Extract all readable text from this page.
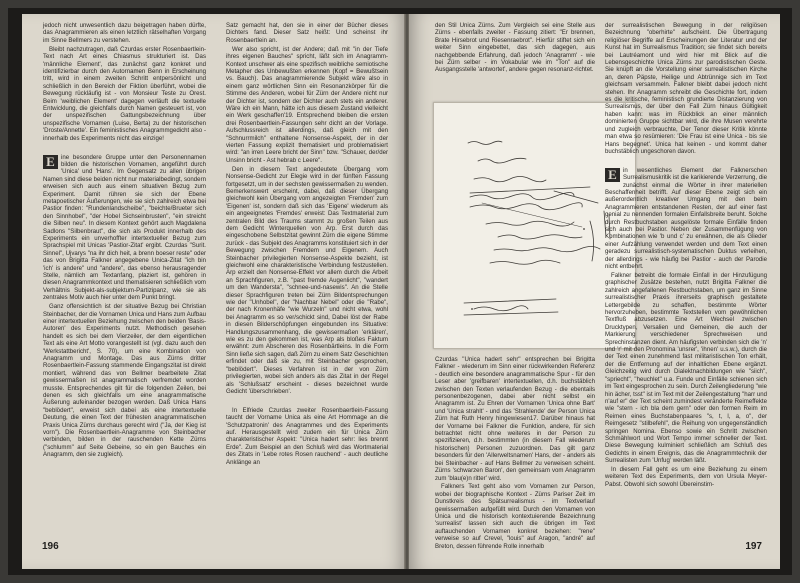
jedoch nicht unwesentlich dazu beigetragen haben dürfte, das Anagrammieren als einen letztlich rätselhaften Vorgang im Sinne Bellmers zu verstehen.

Bleibt nachzutragen, daß Czurdas erster Rosenbaertlein-Text nach Art eines Chiasmus strukturiert ist. Das 'männliche Element', das zunächst ganz konkret und identifizierbar durch den Autornamen Benn in Erscheinung tritt, wird in einem zweiten Schritt entpersönlicht und schließlich in den Bereich der Fiktion überführt, wobei die Bewegung rückläufig ist - von Monsieur Teste zu Orest. Beim 'weiblichen Element' dagegen verläuft die textuelle Entwicklung, die gleichfalls durch Namen gesteuert ist, von der unspezifischen Gattungsbezeichnung über unspezifische Vornamen (Luise, Berta) zu der historischen 'Droste/Annette'. Ein feministisches Anagrammgedicht also - innerhalb des Experiments nicht das einzige!

E	ine besondere Gruppe unter den Personennamen bilden die historischen Vornamen, angeführt durch 'Unica' und 'Hans'. Im Gegensatz zu allen übrigen Namen sind diese beiden nicht nur materialbedingt, sondern erweisen sich auch aus einem situativen Bezug zum Experiment. Damit rühren sie sich der Ebene metapoetischer Äußerungen, wie sie sich zahlreich etwa bei Pastior finden: "Rundenlandscheibe", "beichte/Brueter sich den Sinnhobel", "der Hobel Sichseinbrusten", "ein streicht die Silben neu". In diesem Kontext gehört auch Magdalena Sadlons "Silbenbraut", die sich als Produkt innerhalb des Experiments ein unverhoffter intertextueller Bezug zum Sprachspiel mit Unicas 'Pastior-Zitat' ergibt. Czurdas "Surit. Sinnel", Ujvarys "na ihr dich heit, a brenn boeser reste" oder das von Brigitta Falkner angegebene Unica-Zitat "ich bin 'ich' is andere" und "andere", das ebenso herausragender Stelle, nämlich am Textanfang, plaziert ist, gehören in diesen Anagrammkontext und thematisieren schließlich vom Verhältnis Subjekt-als-subjektum-Partizipanz, wie sie als zentrales Motiv auch hier unter dem Punkt bringt.

Ganz offensichtlich ist der situative Bezug bei Christian Steinbacher, der die Vornamen Unica und Hans zum Aufbau einer intertextuellen Beziehung zwischen den beiden 'Basis-Autoren' des Experiments nutzt. Methodisch gesehen handelt es sich bei dem Vierzeiler, der dem eigentlichen Text als eine Art Motto vorangestellt ist (vgl. dazu auch den 'Werkstattbericht', S. 70), um eine Kombination von Anagramm und Montage. Das aus Zürns dritter Rosenbaertlein-Fassung stammende Eingangszitat ist direkt montiert, während das von Bellmer bearbeitete Zitat gewissermaßen ist anagrammatisch verfremdet worden musste. Entsprechendes gilt für die folgenden Zeilen, bei denen es sich gleichfalls um eine anagrammatische Äußerung aufeinander bezogen werden. Daß Unica Hans "beblödert", erweist sich dabei als eine intertextuelle Deutung, die einen Text der frühesten anagrammatischen Praxis Unica Zürns durchaus gerecht wird ("Ja, der Kieg ist vorn"). Die Rosenbaertlein-Anagramme von Steinbacher verbinden, bilden in der rauschenden Kette Zürns ("schlumm" auf Seite Gebeine, so ein gen Bauches ein Anagramm, den sie zugleich).

Satz gemacht hat, den sie in einer der Bücher dieses Dichters fand. Dieser Satz heißt: Und scheinst ihr Rosenbaertlein an.

Wer also spricht, ist der Andere; daß mit "in der Tiefe ihres eigenen Bauches" spricht, läßt sich im Anagramm-Kontext unschwer als eine spezifisch weibliche semiotische Metapher des Unbewußten erkennen (Kopf = Bewußtsein vs. Bauch). Das anagrammierende Subjekt wäre also in einem ganz wörtlichen Sinn ein Resonanzkörper für die Stimme des Anderen, wobei für Zürn der Andere nicht nur der Dichter ist, sondern der Dichter auch stets ein anderer. Wäre ich ein Mann, hätte ich aus diesem Zustand vielleicht ein Werk geschaffen'19. Entsprechend bleiben die ersten drei Rosenbaertlein-Fassungen sehr dicht an der Vorlage. Aufschlussreich ist allerdings, daß gleich mit den "Schnurrmilch" enthaltene Nonsense-Aspekt, der in der vierten Fassung explizit thematisiert und problematisiert wird: "an irren Leere bricht der Sinn" bzw. "Schauer, der/der Unsinn bricht - Ast hebrab c Leere".

Den in diesem Text angedeutete Übergang vom Nonsense-Gedicht zur Elegie wird in der fünften Fassung fortgesetzt, um in der sechsten gewissermaßen zu wenden. Bemerkenswert erscheint, dabei, daß dieser Übergang gleichwohl kein Übergang vom angezeigten 'Fremden' zum 'Eigenen' ist, sondern daß sich das 'Eigene' wiederum als ein angeeignetes 'Fremdes' erweist: Das Textmaterial zum zentralen Bild des Traums stammt zu großen Teilen aus dem Gedicht Winterquellen von Arp. Erst durch das eingeschobene Selbstzitat gewinnt Zürn die eigene Stimme zurück - das Subjekt des Anagramms konstituiert sich in der Bewegung zwischen Fremdem und Eigenem. Auch Steinbacher privilegierten Nonsense-Aspekte bezieht, ist gleichwohl eine charakteristische Verbindung festzustellen. Arp erzielt den Nonsense-Effekt vor allem durch die Arbeit an Sprachfiguren, z.B. "past fremde Augenlicht", "wandert um den Wandersta", "schnee-und-nasewis". An die Stelle dieser Sprachfiguren treten bei Zürn Bildentsprechungen wie der "Unhobel", der "Nachbar Nebel" oder die "Rabe", der nach Kronenhäfe "wie Wurzeln" und nicht etwa, wohl bei Anagramm es so ver/schickt sind, Dabei löst der Rabe in diesen Bilderschöpfungen eingebunden ins Situative: Handlungszusammenhang, die gewissermaßen 'erklären', wie es zu den gekommen ist, was Arp als bloßes Faktum erwähnt: zum Abscheren des Rosenbärtleins. In die Form Sinn ließe sich sagen, daß Zürn zu einem Satz Geschichten erfindet oder daß sie zu, mit Steinbacher gesprochen, "beblödert". Dieses Verfahren ist in der von Zürn privilegierten, wobei sich anders als das Zitat in der Regel als 'Schlußsatz' erscheint - dieses bezeichnet wurde Gedicht 'überschrieben'.

In Elfriede Czurdas zweiter Rosenbaertlein-Fassung taucht der Vorname Unica als eine Art Hommage an die 'Schutzpatronin' des Anagrammes und des Experiments auf. Herausgestellt wird zudem ein für Unica Zürn charakteristischer Aspekt: "Unica hadert sehr: lies brennt Erde". Zum Beispiel an den Schluß wird das Wortmaterial des Zitats in 'Lebe rotes Rosen rauchend' - auch deutliche Anklänge an

196

den Stil Unica Zürns. Zum Vergleich sei eine Stelle aus Zürns - ebenfalls zweiter - Fassung zitiert: "Er brennen, Brate Hirsebrot und Riesenraebrot". Hierfür stiftet sich ein weiter Sinn eingebettet, das sich dagegen, aus nachgebbende Erfahrung, daß jedoch 'Anagramm' - wie bei Zürn selber - im Vokabular wie im "Ton" auf die Ausgangsstelle 'antwortet', andere gegen resonanz-richtet.

Czurdas "Unica hadert sehr" entsprechen bei Brigitta Falkner - wiederum im Sinn einer rückwirkenden Referenz - deutlich eine besondere anagrammatische Spur - für den Leser aber 'greifbaren' intertextuellen, d.h. buchstäblich zwischen den Texten verlaufenden Bezug - die ebentails personenbezogenen, dabei aber nicht selbst ein Anagramm ist. Zu Ehren der Vornamen 'Unica ohne Bart' und 'Unica strahlt' - und das 'Strahlende' der Person Unica Zürn hat Ruth Henry hingewiesen17. Darüber hinaus hat der Vorname bei Falkner die Funktion, andere, für sich betrachtet nicht ohne weiteres in der Person zu spezifizieren, d.h. bestimmten (in diesem Fall wiederum historischen) Personen zuzuordnen. Das gilt ganz besonders für den 'Allerweltsnamen' Hans, der - anders als bei Steinbacher - auf Hans Bellmer zu verweisen scheint. Zürns 'schwarzen Baron', den gemeinsam vom Anagramm zum 'blau(e)n ritter' wird.

Falkners Text geht also vom Vornamen zur Person, wobei der biographische Kontext - Zürns Pariser Zeit im Dunstkreis des Spätsurrealismus - im Textverlauf gewissermaßen aufgefüllt wird. Durch den Vornamen von Unica und die historisch kontextuierende Bezeichnung 'surrealist' lassen sich auch die übrigen im Text auftauchenden Vornamen konkret beziehen: "rene" verweise so auf Crevel, "louis" auf Aragon, "andré" auf Breton, dessen führende Rolle innerhalb

der surrealistischen Bewegung in der religiösen Bezeichnung "oberhirte" aufscheint. Die Übertragung religiöser Begriffe auf Erscheinungen der Literatur und der Kunst hat im Surrealismus Tradition; sie findet sich bereits bei Lautréamont und wird hier mit Blick auf die Lebensgeschichte Unica Zürns zur parodistischen Geste. Sie knüpft an die Vorstellung einer surrealistischen Kirche an, deren Päpste, Heilige und Abtrünnige sich im Text gleichsam versammeln. Falkner bleibt dabei jedoch nicht stehen. Ihr Anagramm schreibt die Geschichte fort, indem es die kritische, feministisch grundierte Distanzierung von Surrealismus, der über den Fall Zürn hinaus Gültigkeit haben kann: was im Rückblick an einer männlich dominierten Gruppe sichtbar wird, die ihre Musen verehrte und zugleich verbrauchte, Der Tenor dieser Kritik könnte man etwa so resümieren: 'Die Frau ist eine Unica - bis sie Hans begegnet'. Unica hat keinen - und kommt daher buchstäblich ungeschoren davon.

E	in wesentliches Element der Falknerschen Surrealismuskritik ist die karikierende Verzerrung, die zunächst einmal die Wörter in ihrer materiellen Beschaffenheit betrifft. Auf dieser Ebene zeigt sich ein außerordentlich kreativer Umgang mit den beim Anagrammieren entstandenen Resten, der auf einer fast genial zu nennenden formalen Einfallsbreite beruht. Solche durch Restbuchstaben ausgelöste formale Einfälle finden sich auch bei Pastior. Neben der Zusammenfügung von Kombinationen wie 'b und c' zu erwähnen, die als Glieder einer Aufzählung verwendet werden und dem Text einen geradezu surrealistisch-systematischen Duktus verleihen, der allerdings - wie häufig bei Pastior - auch der Parodie nicht entbehrt.

Falkner betreibt die formale Einfall in der Hinzufügung graphischer Zusätze bestehen, nutzt Brigitta Falkner die zahlreich angefallenen Restbuchstaben, um ganz im Sinne surrealistischer Praxis ihrerseits graphisch gestaltete Lettergebilde zu schaffen, bestimmte Wörter hervorzuheben, bestimmte Textstellen vom gewöhnlichen Textfluß abzusetzen. Eine Art Wechsel zwischen Drucktypen, Versalien und Gemeinen, die auch der Markierung verschiedener Sprechweisen und Sprechinstanzen dient. Am häufigsten verbinden sich die 'n' und 'r' mit den Pronomina 'unsrer', 'ihnen' u.s.w.), durch die der Text einen zunehmend fast militaristischen Ton erhält, der die Entfernung auf der inhaltlichen Ebene ergänzt. Gleichzeitig wird durch Dialektnachbildungen wie "siich", "spriecht", "heuchlet" u.a. Funde und Einfälle schienen sich im Text eingesprochen zu sein. Durch Zeilengliederung "wie hin ächer, tsst" ist im Text mit der Zeilengestaltung "harr und n'auf er" der Text scheint zumindest veränderte Reimeffekte wie "stern - ich bla dem gern" oder den formen Reim im Reimen eines Buchstabenpaares "s, t, l, a, o", der Reimgesetz "stilbefehl", die Reihung von ungegenständlich springen Nomina. Ebenso sowie ein Schritt zwischen Schmählwort und Wort Tempo immer schneller der Text. Diese Bewegung kulminiert schließlich am Schluß des Gedichts in einem Ereignis, das die Anagrammtechnik der Surrealisten zum 'Unfug' werden läßt.

In diesem Fall geht es um eine Beziehung zu einem weiteren Text des Experiments, dem von Ursula Meyer-Pabst. Obwohl sich sowohl Übereinstim-

197
